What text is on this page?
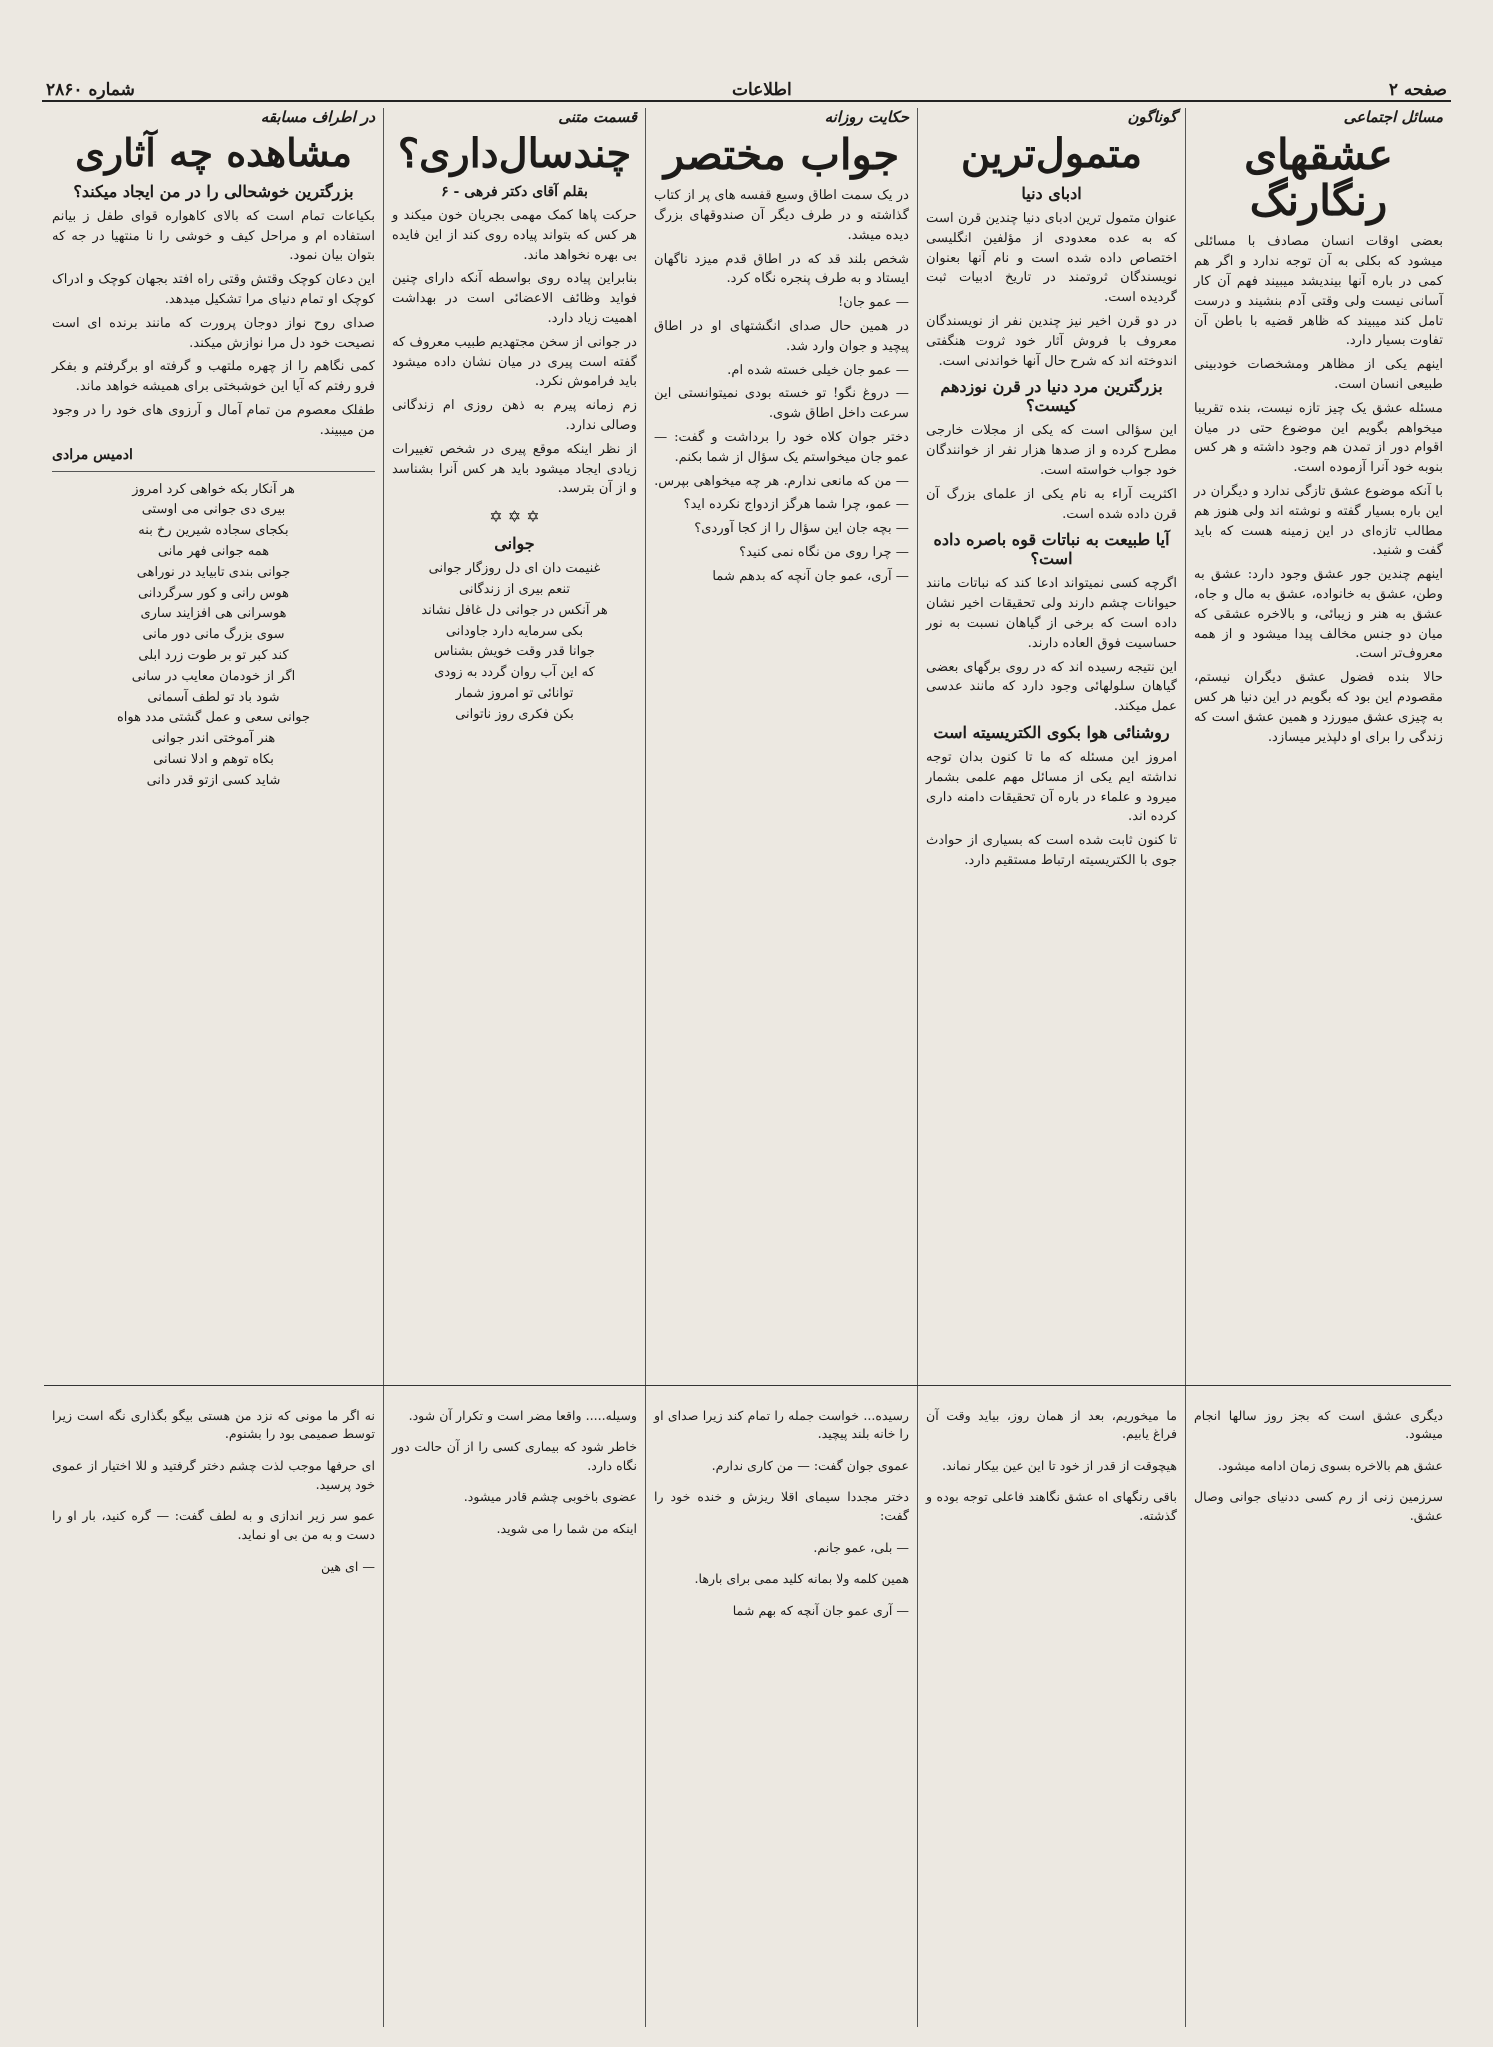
صفحه ۲
اطلاعات
شماره ۲۸۶۰
مسائل اجتماعی
عشقهای رنگارنگ

بعضی اوقات انسان مصادف با مسائلی میشود که بکلی به آن توجه ندارد و اگر هم کمی در باره آنها بیندیشد میبیند فهم آن کار آسانی نیست ولی وقتی آدم بنشیند و درست تامل کند میبیند که ظاهر قضیه با باطن آن تفاوت بسیار دارد.

اینهم یکی از مظاهر ومشخصات خودبینی طبیعی انسان است.

مسئله عشق یک چیز تازه نیست، بنده تقریبا میخواهم بگویم این موضوع حتی در میان اقوام دور از تمدن هم وجود داشته و هر کس بنوبه خود آنرا آزموده است.

با آنکه موضوع عشق تازگی ندارد و دیگران در این باره بسیار گفته و نوشته اند ولی هنوز هم مطالب تازه‌ای در این زمینه هست که باید گفت و شنید.

اینهم چندین جور عشق وجود دارد: عشق به وطن، عشق به خانواده، عشق به مال و جاه، عشق به هنر و زیبائی، و بالاخره عشقی که میان دو جنس مخالف پیدا میشود و از همه معروف‌تر است.

حالا بنده فضول عشق دیگران نیستم، مقصودم این بود که بگویم در این دنیا هر کس به چیزی عشق میورزد و همین عشق است که زندگی را برای او دلپذیر میسازد.

گوناگون
متمول‌ترین
ادبای دنیا

عنوان متمول ترین ادبای دنیا چندین قرن است که به عده معدودی از مؤلفین انگلیسی اختصاص داده شده است و نام آنها بعنوان نویسندگان ثروتمند در تاریخ ادبیات ثبت گردیده است.

در دو قرن اخیر نیز چندین نفر از نویسندگان معروف با فروش آثار خود ثروت هنگفتی اندوخته اند که شرح حال آنها خواندنی است.

بزرگترین مرد دنیا در قرن نوزدهم کیست؟

این سؤالی است که یکی از مجلات خارجی مطرح کرده و از صدها هزار نفر از خوانندگان خود جواب خواسته است.

اکثریت آراء به نام یکی از علمای بزرگ آن قرن داده شده است.

آیا طبیعت به نباتات قوه باصره داده است؟

اگرچه کسی نمیتواند ادعا کند که نباتات مانند حیوانات چشم دارند ولی تحقیقات اخیر نشان داده است که برخی از گیاهان نسبت به نور حساسیت فوق العاده دارند.

این نتیجه رسیده اند که در روی برگهای بعضی گیاهان سلولهائی وجود دارد که مانند عدسی عمل میکند.

روشنائی هوا بکوی الکتریسیته است

امروز این مسئله که ما تا کنون بدان توجه نداشته ایم یکی از مسائل مهم علمی بشمار میرود و علماء در باره آن تحقیقات دامنه داری کرده اند.

تا کنون ثابت شده است که بسیاری از حوادث جوی با الکتریسیته ارتباط مستقیم دارد.

حکایت روزانه
جواب مختصر

در یک سمت اطاق وسیع قفسه های پر از کتاب گذاشته و در طرف دیگر آن صندوقهای بزرگ دیده میشد.

شخص بلند قد که در اطاق قدم میزد ناگهان ایستاد و به طرف پنجره نگاه کرد.

— عمو جان!

در همین حال صدای انگشتهای او در اطاق پیچید و جوان وارد شد.

— عمو جان خیلی خسته شده ام.

— دروغ نگو! تو خسته بودی نمیتوانستی این سرعت داخل اطاق شوی.

دختر جوان کلاه خود را برداشت و گفت: — عمو جان میخواستم یک سؤال از شما بکنم.

— من که مانعی ندارم. هر چه میخواهی بپرس.

— عمو، چرا شما هرگز ازدواج نکرده اید؟

— بچه جان این سؤال را از کجا آوردی؟

— چرا روی من نگاه نمی کنید؟

— آری، عمو جان آنچه که بدهم شما

قسمت متنی
چندسال‌داری؟
بقلم آقای دکتر فرهی - ۶

حرکت پاها کمک مهمی بجریان خون میکند و هر کس که بتواند پیاده روی کند از این فایده بی بهره نخواهد ماند.

بنابراین پیاده روی بواسطه آنکه دارای چنین فواید وظائف الاعضائی است در بهداشت اهمیت زیاد دارد.

در جوانی از سخن مجتهدیم طبیب معروف که گفته است پیری در میان نشان داده میشود باید فراموش نکرد.

زم زمانه پیرم به ذهن روزی ام زندگانی وصالی ندارد.

از نظر اینکه موقع پیری در شخص تغییرات زیادی ایجاد میشود باید هر کس آنرا بشناسد و از آن بترسد.

✡ ✡ ✡
جوانی
غنیمت دان ای دل روزگار جوانی
تنعم بیری از زندگانی
هر آنکس در جوانی دل غافل نشاند
بکی سرمایه دارد جاودانی
جوانا قدر وقت خویش بشناس
که این آب روان گردد به زودی
توانائی تو امروز شمار
بکن فکری روز ناتوانی
در اطراف مسابقه
مشاهده چه آثاری
بزرگترین خوشحالی را در من ایجاد میکند؟

بکیاعات تمام است که بالای کاهواره قوای طفل ز بیانم استفاده ام و مراحل کیف و خوشی را نا منتهیا در جه که بتوان بیان نمود.

این دعان کوچک وقتش وقتی راه افتد بجهان کوچک و ادراک کوچک او تمام دنیای مرا تشکیل میدهد.

صدای روح نواز دوجان پرورت که مانند برنده ای است نصیحت خود دل مرا نوازش میکند.

کمی نگاهم را از چهره ملتهب و گرفته او برگرفتم و بفکر فرو رفتم که آیا این خوشبختی برای همیشه خواهد ماند.

طفلک معصوم من تمام آمال و آرزوی های خود را در وجود من میبیند.

ادمیس مرادی
هر آنکار بکه خواهی کرد امروز
بیری دی جوانی می اوستی
بکجای سجاده شیرین رخ بنه
همه جوانی فهر مانی
جوانی بندی تابیاید در نوراهی
هوس رانی و کور سرگردانی
هوسرانی هی افزایند ساری
سوی بزرگ مانی دور مانی
کند کبر تو بر طوت زرد ابلی
اگر از خودمان معایب در سانی
شود باد تو لطف آسمانی
جوانی سعی و عمل گشتی مدد هواه
هنر آموختی اندر جوانی
بکاه توهم و ادلا نسانی
شاید کسی ازتو قدر دانی

دیگری عشق است که بجز روز سالها انجام میشود.

عشق هم بالاخره بسوی زمان ادامه میشود.

سرزمین زنی از رم کسی ددنیای جوانی وصال عشق.

ما میخوریم، بعد از همان روز، بیاید وقت آن فراغ یابیم.

هیچوقت از قدر از خود تا این عین بیکار نماند.

باقی رنگهای اه عشق نگاهند فاعلی توجه بوده و گذشته.

رسیده... خواست جمله را تمام کند زیرا صدای او را خانه بلند پیچید.

عموی جوان گفت: — من کاری ندارم.

دختر مجددا سیمای اقلا ریزش و خنده خود را گفت:

— بلی، عمو جانم.

همین کلمه ولا بمانه کلید ممی برای بارها.

— آری عمو جان آنچه که بهم شما

وسیله..... واقعا مضر است و تکرار آن شود.

خاطر شود که بیماری کسی را از آن حالت دور نگاه دارد.

عضوی باخوبی چشم قادر میشود.

اینکه من شما را می شوید.

نه اگر ما مونی که نزد من هستی بیگو بگذاری نگه است زیرا توسط صمیمی بود را بشنوم.

ای حرفها موجب لذت چشم دختر گرفتید و للا اختیار از عموی خود پرسید.

عمو سر زیر اندازی و به لطف گفت: — گره کنید، بار او را دست و به من بی او نماید.

— ای هین
